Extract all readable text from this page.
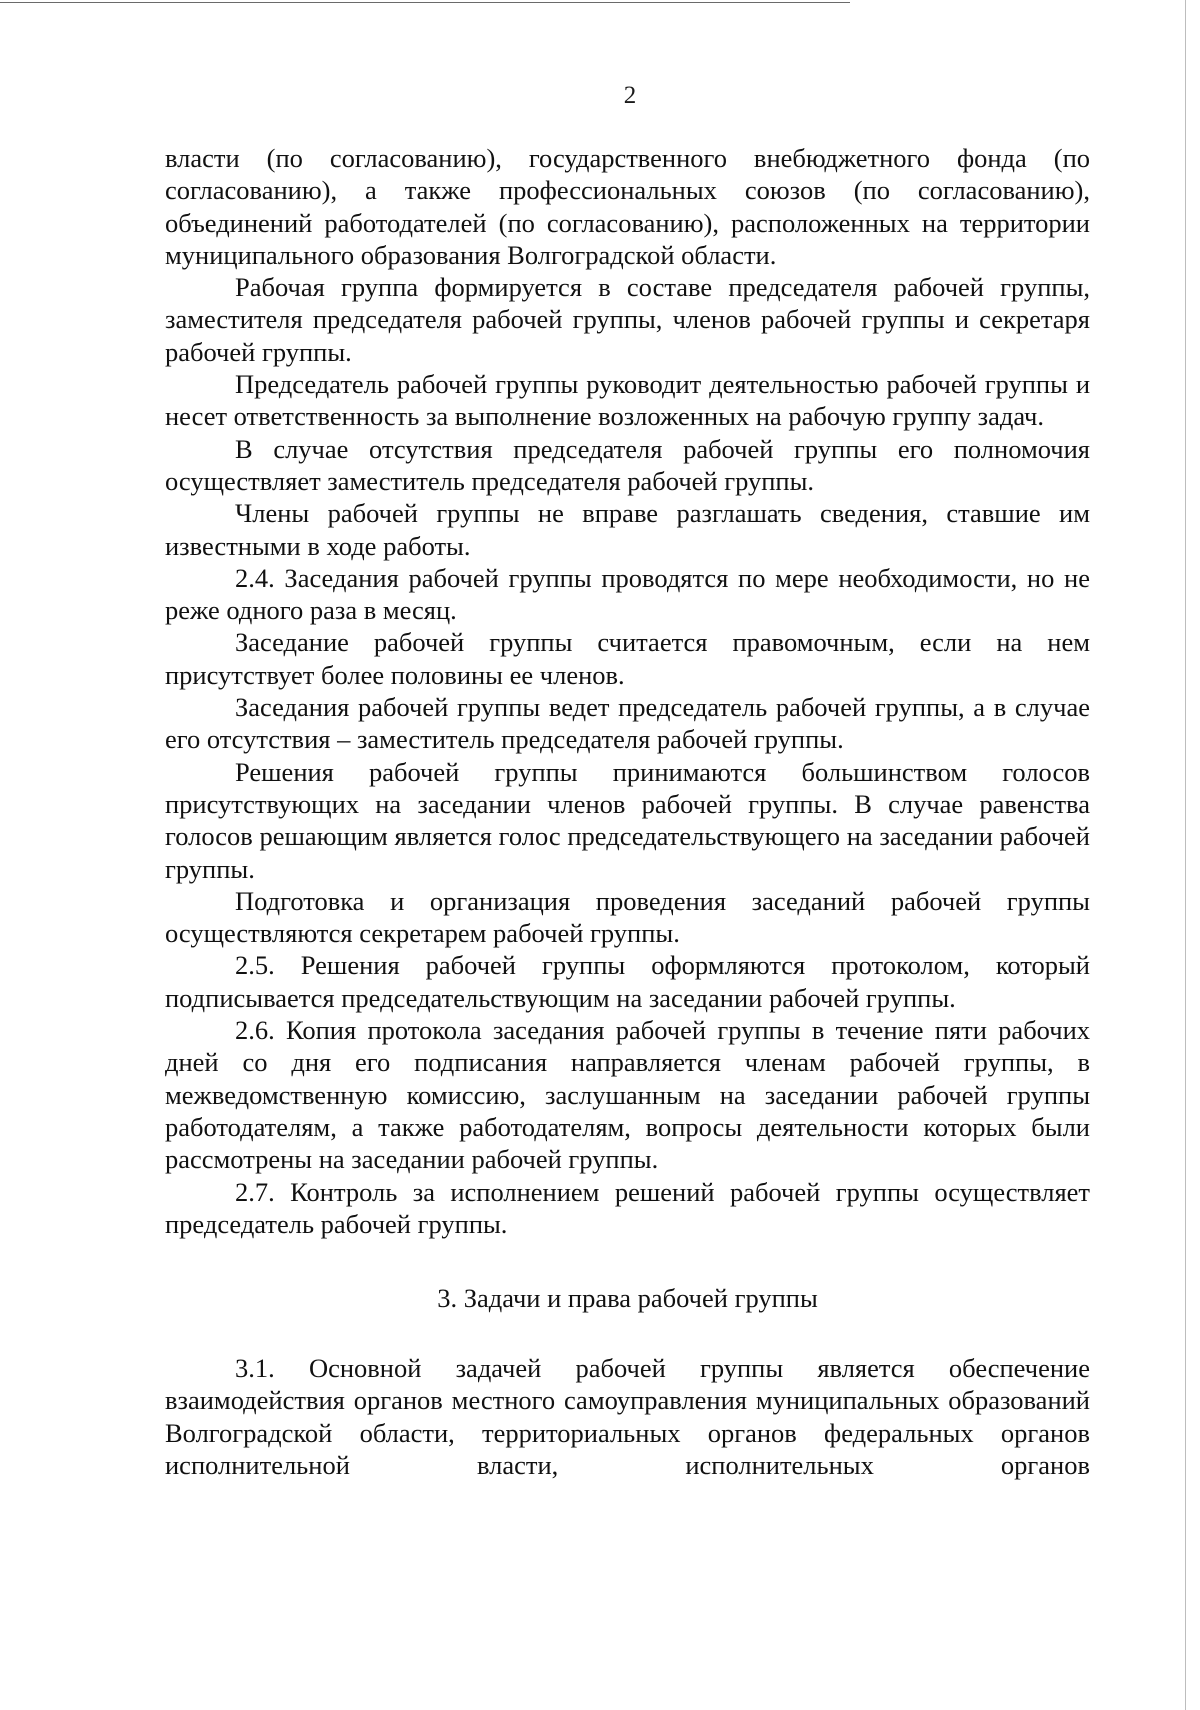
2

власти (по согласованию), государственного внебюджетного фонда (по согласованию), а также профессиональных союзов (по согласованию), объединений работодателей (по согласованию), расположенных на территории муниципального образования Волгоградской области.

Рабочая группа формируется в составе председателя рабочей группы, заместителя председателя рабочей группы, членов рабочей группы и секретаря рабочей группы.

Председатель рабочей группы руководит деятельностью рабочей группы и несет ответственность за выполнение возложенных на рабочую группу задач.

В случае отсутствия председателя рабочей группы его полномочия осуществляет заместитель председателя рабочей группы.

Члены рабочей группы не вправе разглашать сведения, ставшие им известными в ходе работы.

2.4. Заседания рабочей группы проводятся по мере необходимости, но не реже одного раза в месяц.

Заседание рабочей группы считается правомочным, если на нем присутствует более половины ее членов.

Заседания рабочей группы ведет председатель рабочей группы, а в случае его отсутствия – заместитель председателя рабочей группы.

Решения рабочей группы принимаются большинством голосов присутствующих на заседании членов рабочей группы. В случае равенства голосов решающим является голос председательствующего на заседании рабочей группы.

Подготовка и организация проведения заседаний рабочей группы осуществляются секретарем рабочей группы.

2.5. Решения рабочей группы оформляются протоколом, который подписывается председательствующим на заседании рабочей группы.

2.6. Копия протокола заседания рабочей группы в течение пяти рабочих дней со дня его подписания направляется членам рабочей группы, в межведомственную комиссию, заслушанным на заседании рабочей группы работодателям, а также работодателям, вопросы деятельности которых были рассмотрены на заседании рабочей группы.

2.7. Контроль за исполнением решений рабочей группы осуществляет председатель рабочей группы.

3. Задачи и права рабочей группы

3.1. Основной задачей рабочей группы является обеспечение взаимодействия органов местного самоуправления муниципальных образований Волгоградской области, территориальных органов федеральных органов исполнительной власти, исполнительных органов
